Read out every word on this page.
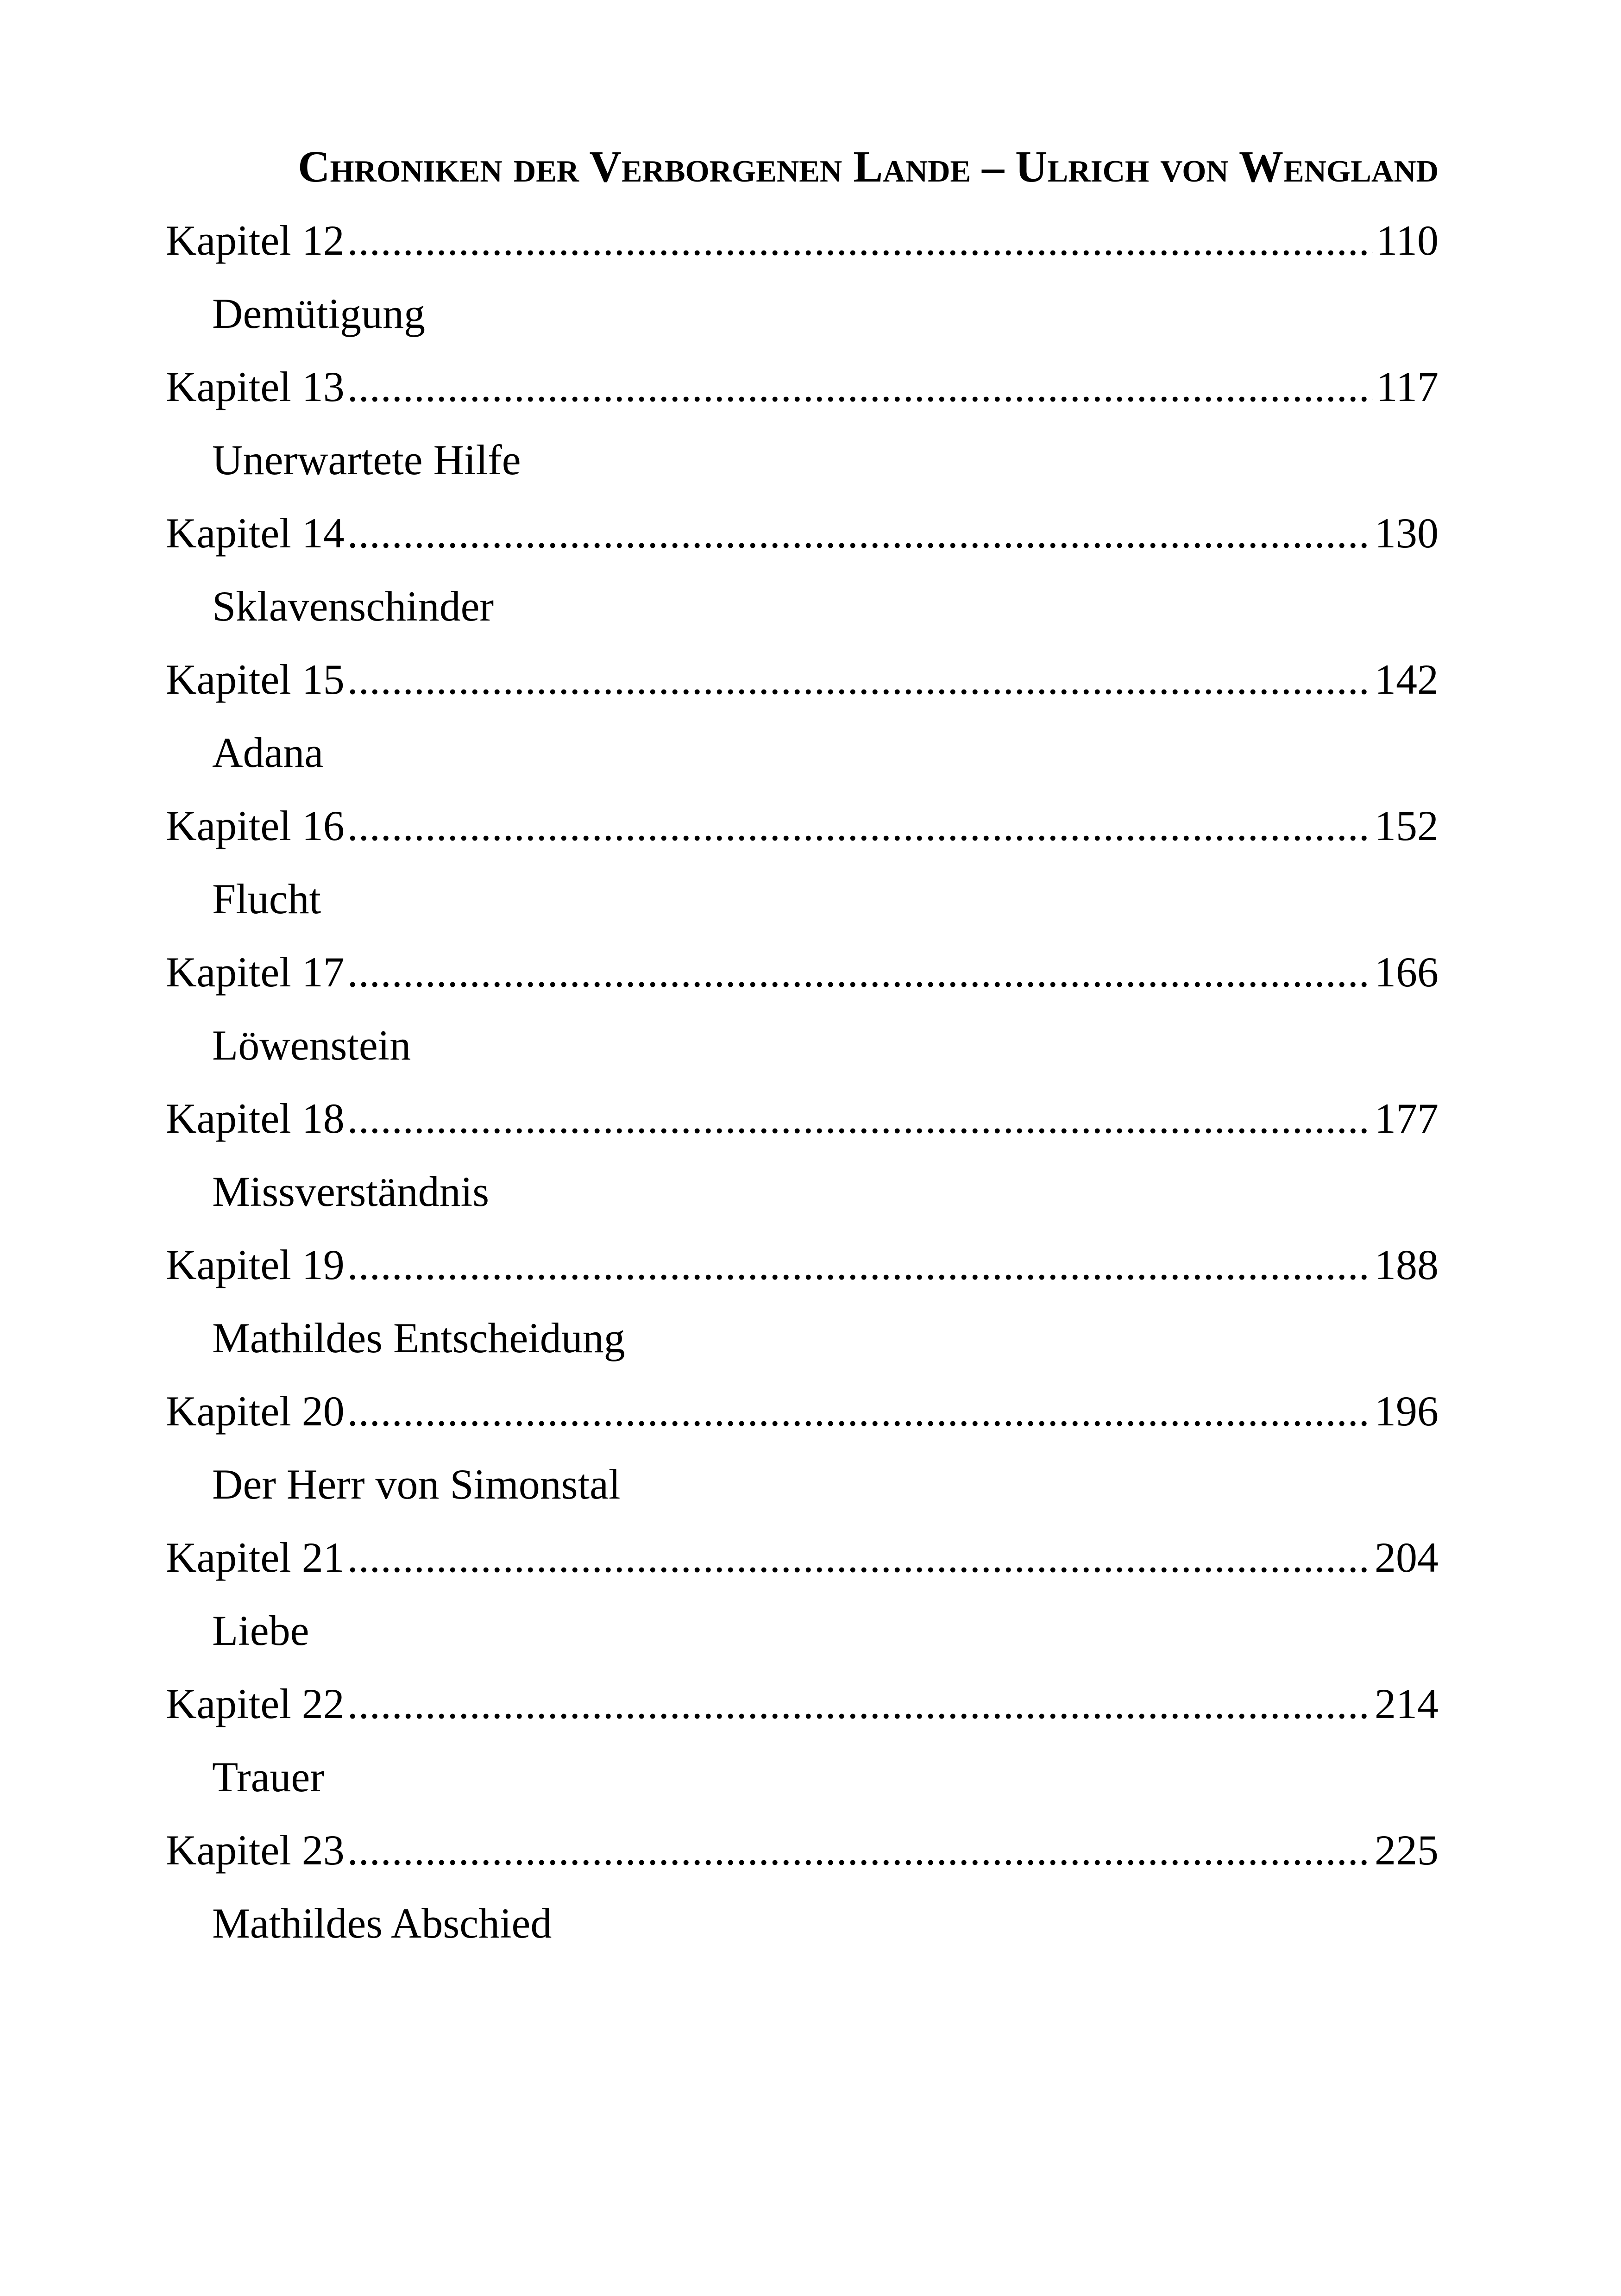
Chroniken der Verborgenen Lande – Ulrich von Wengland
Kapitel 12 .....	110
Demütigung
Kapitel 13 .....	117
Unerwartete Hilfe
Kapitel 14 .....	130
Sklavenschinder
Kapitel 15 .....	142
Adana
Kapitel 16 .....	152
Flucht
Kapitel 17 .....	166
Löwenstein
Kapitel 18 .....	177
Missverständnis
Kapitel 19 .....	188
Mathildes Entscheidung
Kapitel 20 .....	196
Der Herr von Simonstal
Kapitel 21 .....	204
Liebe
Kapitel 22 .....	214
Trauer
Kapitel 23 .....	225
Mathildes Abschied
